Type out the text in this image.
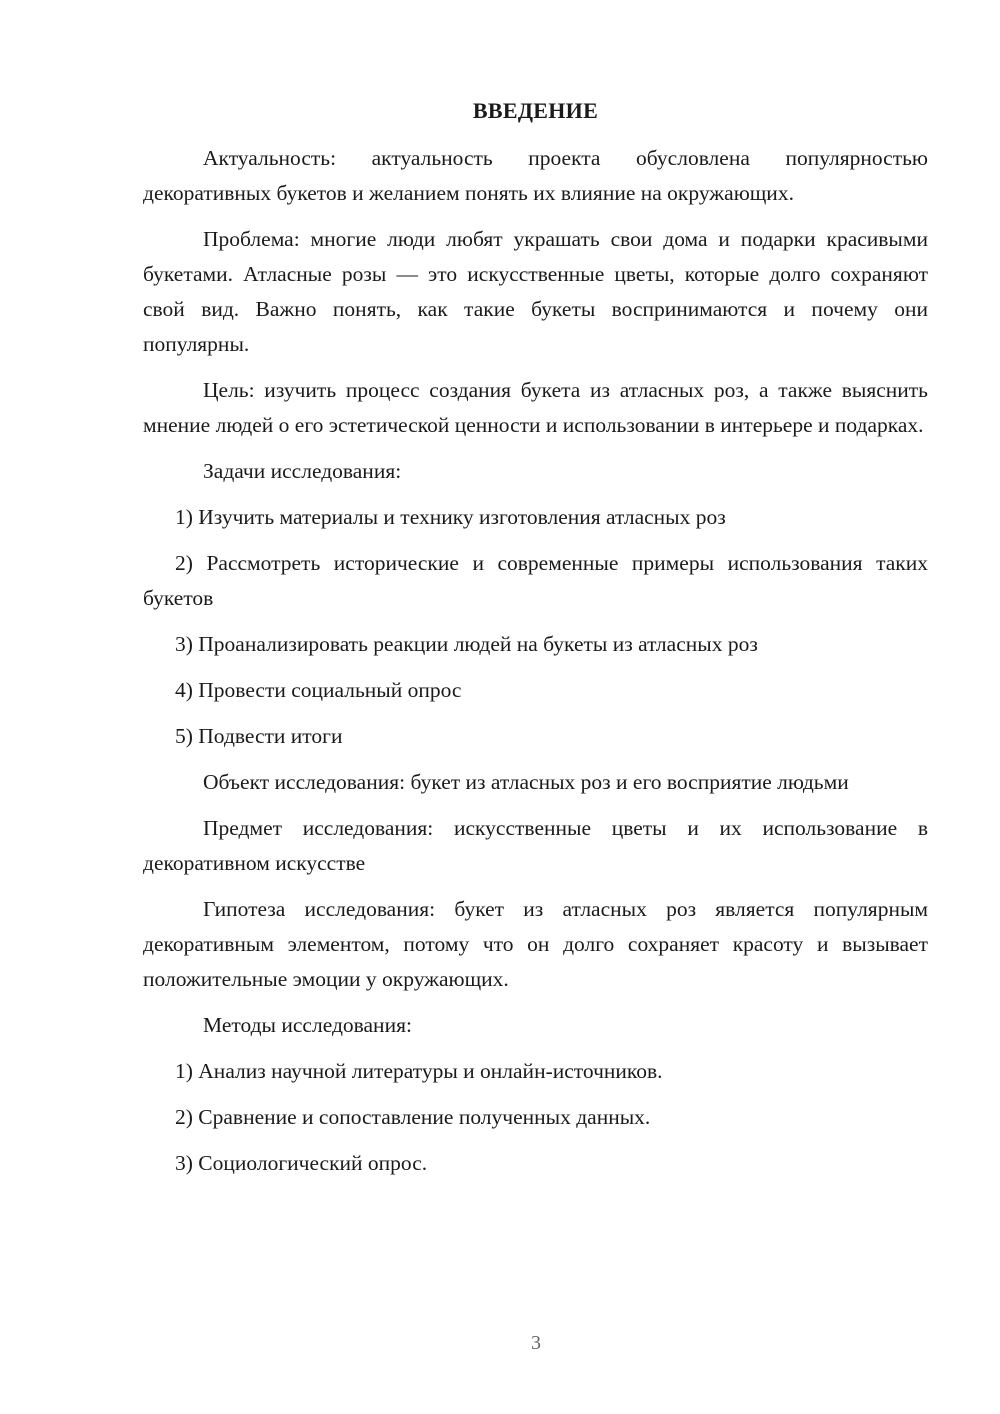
ВВЕДЕНИЕ

Актуальность: актуальность проекта обусловлена популярностью декоративных букетов и желанием понять их влияние на окружающих.

Проблема: многие люди любят украшать свои дома и подарки красивыми букетами. Атласные розы — это искусственные цветы, которые долго сохраняют свой вид. Важно понять, как такие букеты воспринимаются и почему они популярны.

Цель: изучить процесс создания букета из атласных роз, а также выяснить мнение людей о его эстетической ценности и использовании в интерьере и подарках.

Задачи исследования:

1) Изучить материалы и технику изготовления атласных роз

2) Рассмотреть исторические и современные примеры использования таких букетов

3) Проанализировать реакции людей на букеты из атласных роз

4) Провести социальный опрос

5) Подвести итоги

Объект исследования: букет из атласных роз и его восприятие людьми

Предмет исследования: искусственные цветы и их использование в декоративном искусстве

Гипотеза исследования: букет из атласных роз является популярным декоративным элементом, потому что он долго сохраняет красоту и вызывает положительные эмоции у окружающих.

Методы исследования:

1) Анализ научной литературы и онлайн-источников.

2) Сравнение и сопоставление полученных данных.

3) Социологический опрос.

3
